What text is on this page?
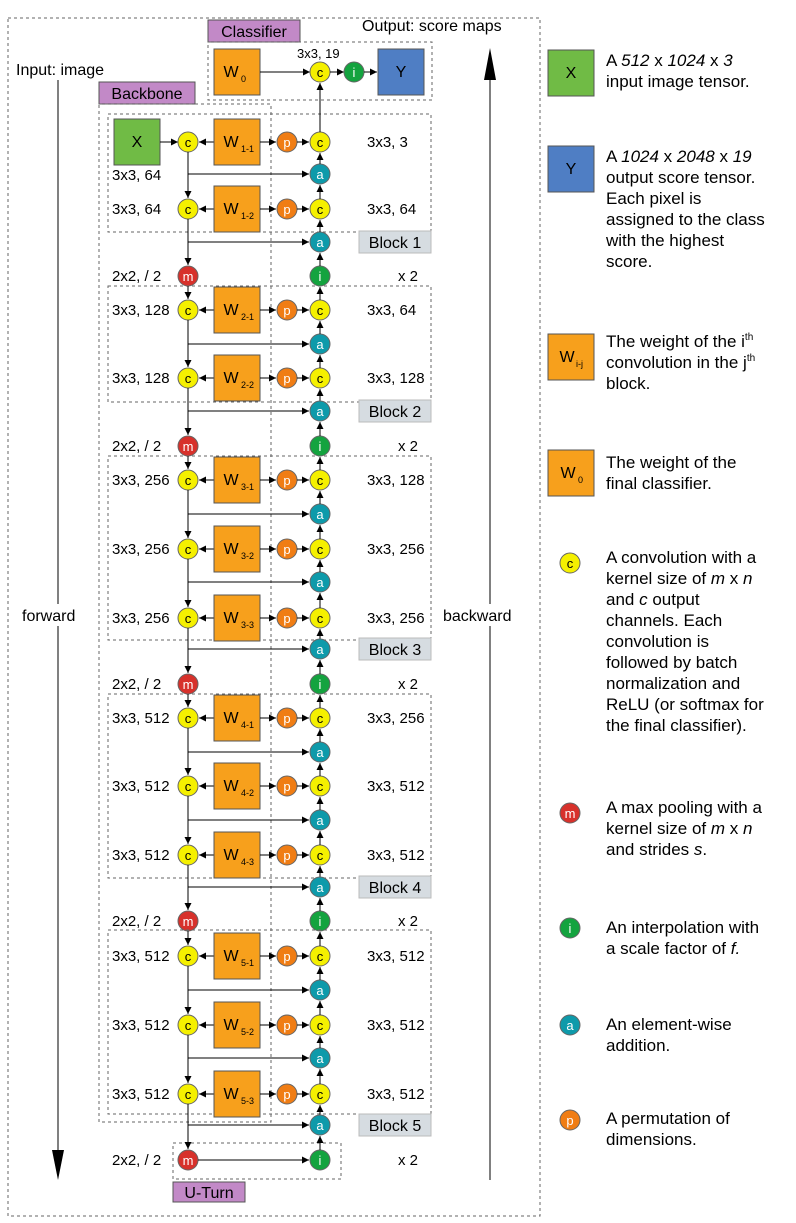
Classifier	Output: score maps
Input: image
Backbone
forward	backward
U-Turn
W 0	c
3x3, 19
i	Y
X	c W 1-1 p c	3x3, 3
3x3, 64
c W 1-2 p c
3x3, 64	3x3, 64
a
Block 1
a
m
2x2, / 2	i	x 2
c W 2-1 p c
3x3, 128	3x3, 64
c W 2-2 p c
3x3, 128	3x3, 128
a
a	Block 2
m
2x2, / 2	i	x 2
c W 3-1 p c
3x3, 256	3x3, 128
c W 3-2 p c
3x3, 256	3x3, 256
c W 3-3 p c
3x3, 256	3x3, 256
a
a
a	Block 3
m
2x2, / 2	i	x 2
c W 4-1 p c
3x3, 512	3x3, 256
c W 4-2 p c
3x3, 512	3x3, 512
c W 4-3 p c
3x3, 512	3x3, 512
a
a
a	Block 4
m
2x2, / 2	i	x 2
c W 5-1 p c
3x3, 512	3x3, 512
c W 5-2 p c
3x3, 512	3x3, 512
c W 5-3 p c
3x3, 512	3x3, 512
a
a
a	Block 5
m
2x2, / 2	i	x 2
X
A 512 x 1024 x 3
input image tensor.
Y
A 1024 x 2048 x 19
output score tensor.
Each pixel is
assigned to the class
with the highest
score.
W i-j
The weight of the $i^{th}$
convolution in the $j^{th}$
block.
W 0
The weight of the
final classifier.
c
m
i
a
p
A convolution with a
kernel size of m x n
and c output
channels. Each
convolution is
followed by batch
normalization and
ReLU (or softmax for
the final classifier).
A max pooling with a
kernel size of m x n
and strides s.
An interpolation with
a scale factor of f.
An element-wise
addition.
A permutation of
dimensions.
